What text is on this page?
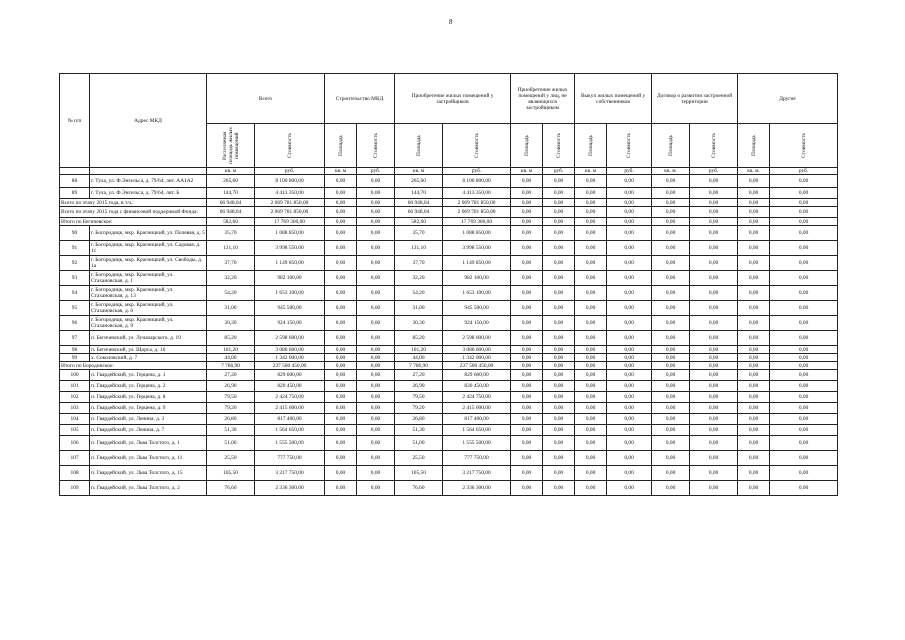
8
№ п/п	Адрес МКД	Всего		Строительство МКД		Приобретение жилых помещений у застройщиков		Приобретение жилых помещений у лиц, не являющихся застройщиком		Выкуп жилых помещений у собственников		Договор о развитии застроенной территории		Другие	

		Расселяемая площадь жилых помещений	Стоимость	Площадь	Стоимость	Площадь	Стоимость	Площадь	Стоимость	Площадь	Стоимость	Площадь	Стоимость	Площадь	Стоимость

		кв. м	руб.	кв. м	руб.	кв. м	руб.	кв. м	руб.	кв. м	руб.	кв. м.	руб.	кв. м.	руб.
88	г. Тула, ул. Ф.Энгельса, д. 79/64, лит. АА1А2	265,60	8 100 800,00	0,00	0,00	265,60	8 100 800,00	0,00	0,00	0,00	0,00	0,00	0,00	0,00	0,00
89	г. Тула, ул. Ф.Энгельса, д. 79/64, лит. Б	144,70	4 413 350,00	0,00	0,00	144,70	4 413 350,00	0,00	0,00	0,00	0,00	0,00	0,00	0,00	0,00
Всего по этапу 2015 года, в т.ч.:		66 948,04	2 069 781 850,00	0,00	0,00	66 948,04	2 069 781 850,00	0,00	0,00	0,00	0,00	0,00	0,00	0,00	0,00
Всего по этапу 2015 года с финансовой поддержкой Фонда:		66 948,04	2 069 781 850,00	0,00	0,00	66 948,04	2 069 781 850,00	0,00	0,00	0,00	0,00	0,00	0,00	0,00	0,00
Итого по Бегичевское:		582,60	17 769 300,00	0,00	0,00	582,60	17 769 300,00	0,00	0,00	0,00	0,00	0,00	0,00	0,00	0,00
90	г. Богородицк, мкр. Красницкий, ул. Полевая, д. 5	35,70	1 088 850,00	0,00	0,00	35,70	1 088 850,00	0,00	0,00	0,00	0,00	0,00	0,00	0,00	0,00
91	г. Богородицк, мкр. Красницкий, ул. Садовая, д. 11	131,10	3 998 550,00	0,00	0,00	131,10	3 998 550,00	0,00	0,00	0,00	0,00	0,00	0,00	0,00	0,00
92	г. Богородицк, мкр. Красницкий, ул. Свободы, д. 1а	37,70	1 149 850,00	0,00	0,00	37,70	1 149 850,00	0,00	0,00	0,00	0,00	0,00	0,00	0,00	0,00
93	г. Богородицк, мкр. Красницкий, ул. Стахановская, д. 1	32,20	982 100,00	0,00	0,00	32,20	982 100,00	0,00	0,00	0,00	0,00	0,00	0,00	0,00	0,00
94	г. Богородицк, мкр. Красницкий, ул. Стахановская, д. 13	54,20	1 653 100,00	0,00	0,00	54,20	1 653 100,00	0,00	0,00	0,00	0,00	0,00	0,00	0,00	0,00
95	г. Богородицк, мкр. Красницкий, ул. Стахановская, д. 6	31,00	945 500,00	0,00	0,00	31,00	945 500,00	0,00	0,00	0,00	0,00	0,00	0,00	0,00	0,00
96	г. Богородицк, мкр. Красницкий, ул. Стахановская, д. 9	30,30	924 150,00	0,00	0,00	30,30	924 150,00	0,00	0,00	0,00	0,00	0,00	0,00	0,00	0,00
97	п. Бегичевский, ул. Луначарского, д. 19	85,20	2 598 600,00	0,00	0,00	85,20	2 598 600,00	0,00	0,00	0,00	0,00	0,00	0,00	0,00	0,00
98	п. Бегичевский, ул. Щорса, д. 16	101,20	3 086 600,00	0,00	0,00	101,20	3 086 600,00	0,00	0,00	0,00	0,00	0,00	0,00	0,00	0,00
99	х. Соколовский, д. 7	44,00	1 342 000,00	0,00	0,00	44,00	1 342 000,00	0,00	0,00	0,00	0,00	0,00	0,00	0,00	0,00
Итого по Бородинское:		7 786,90	237 500 450,00	0,00	0,00	7 786,90	237 500 450,00	0,00	0,00	0,00	0,00	0,00	0,00	0,00	0,00
100	п. Гвардейский, ул. Герцена, д. 1	27,20	829 600,00	0,00	0,00	27,20	829 600,00	0,00	0,00	0,00	0,00	0,00	0,00	0,00	0,00
101	п. Гвардейский, ул. Герцена, д. 2	26,90	820 450,00	0,00	0,00	26,90	820 450,00	0,00	0,00	0,00	0,00	0,00	0,00	0,00	0,00
102	п. Гвардейский, ул. Герцена, д. 8	79,50	2 424 750,00	0,00	0,00	79,50	2 424 750,00	0,00	0,00	0,00	0,00	0,00	0,00	0,00	0,00
103	п. Гвардейский, ул. Герцена, д. 9	79,20	2 415 600,00	0,00	0,00	79,20	2 415 600,00	0,00	0,00	0,00	0,00	0,00	0,00	0,00	0,00
104	п. Гвардейский, ул. Ленина, д. 3	26,80	817 400,00	0,00	0,00	26,80	817 400,00	0,00	0,00	0,00	0,00	0,00	0,00	0,00	0,00
105	п. Гвардейский, ул. Ленина, д. 7	51,30	1 564 650,00	0,00	0,00	51,30	1 564 650,00	0,00	0,00	0,00	0,00	0,00	0,00	0,00	0,00
106	п. Гвардейский, ул. Льва Толстого, д. 1	51,00	1 555 500,00	0,00	0,00	51,00	1 555 500,00	0,00	0,00	0,00	0,00	0,00	0,00	0,00	0,00
107	п. Гвардейский, ул. Льва Толстого, д. 11	25,50	777 750,00	0,00	0,00	25,50	777 750,00	0,00	0,00	0,00	0,00	0,00	0,00	0,00	0,00
108	п. Гвардейский, ул. Льва Толстого, д. 15	105,50	3 217 750,00	0,00	0,00	105,50	3 217 750,00	0,00	0,00	0,00	0,00	0,00	0,00	0,00	0,00
109	п. Гвардейский, ул. Льва Толстого, д. 2	76,60	2 336 300,00	0,00	0,00	76,60	2 336 300,00	0,00	0,00	0,00	0,00	0,00	0,00	0,00	0,00
